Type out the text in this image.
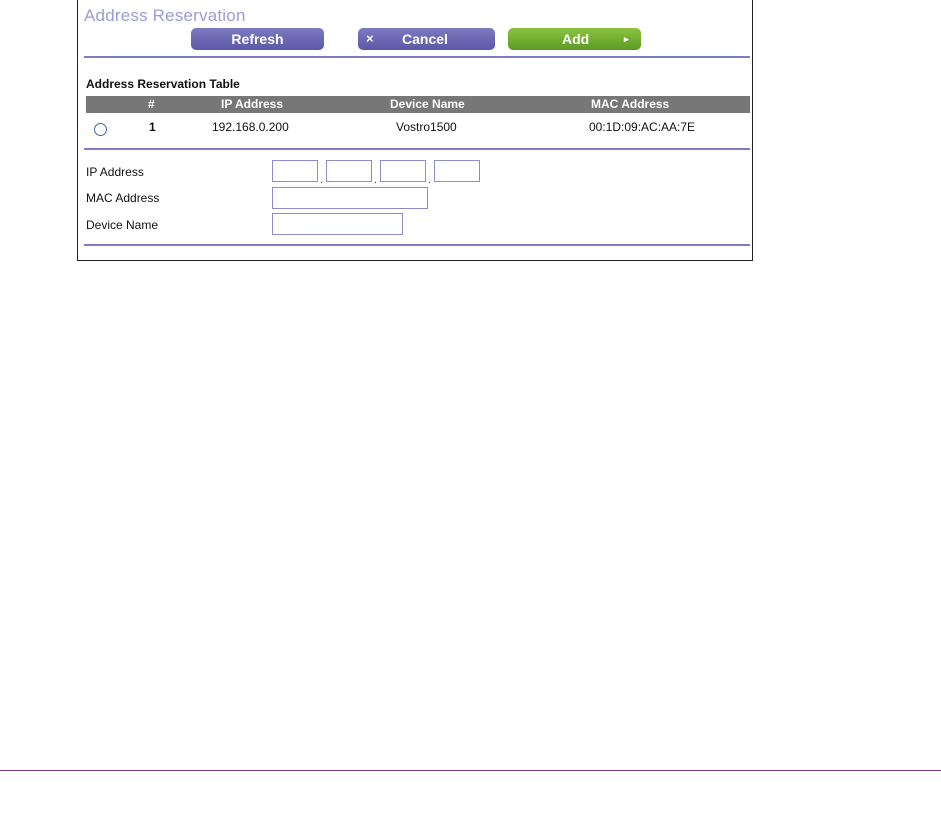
Address Reservation
Refresh	× Cancel	Add	▸
Address Reservation Table
#	IP Address	Device Name	MAC Address
1	192.168.0.200	Vostro1500	00:1D:09:AC:AA:7E
IP Address
.	.	.
MAC Address
Device Name
